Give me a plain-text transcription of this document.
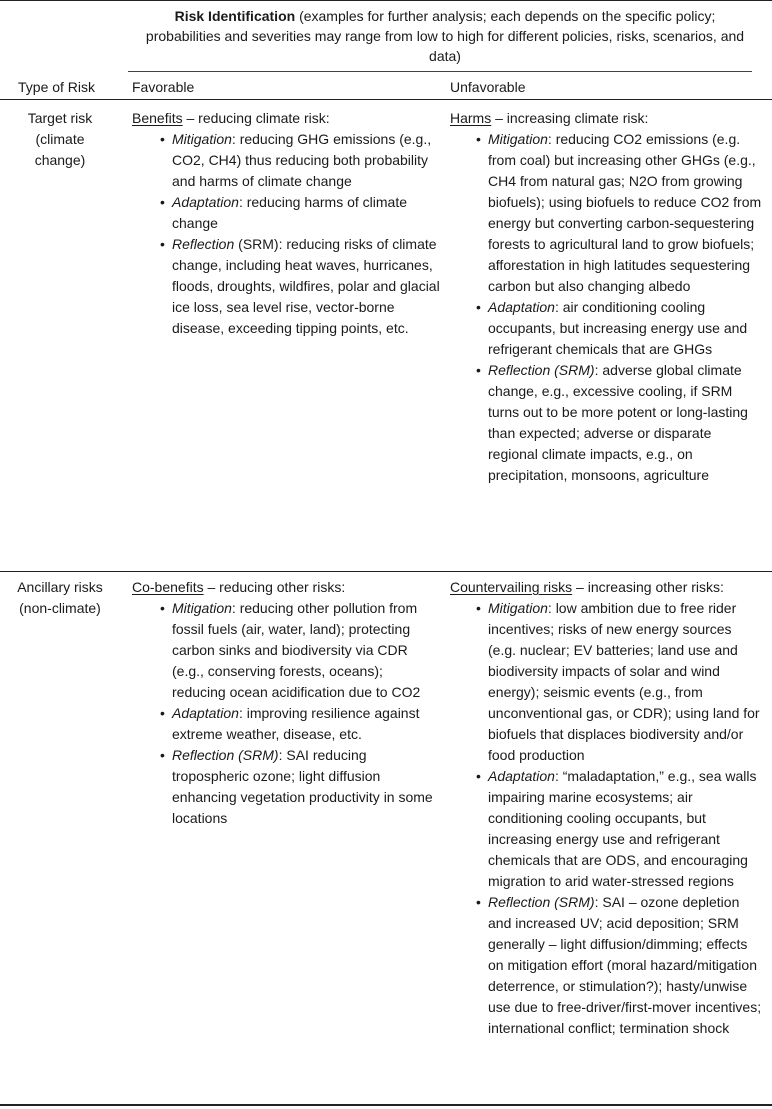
Risk Identification (examples for further analysis; each depends on the specific policy; probabilities and severities may range from low to high for different policies, risks, scenarios, and data)
Type of Risk	Favorable	Unfavorable
Target risk (climate change)

Benefits – reducing climate risk:

• Mitigation: reducing GHG emissions (e.g., CO2, CH4) thus reducing both probability and harms of climate change
• Adaptation: reducing harms of climate change
• Reflection (SRM): reducing risks of climate change, including heat waves, hurricanes, floods, droughts, wildfires, polar and glacial ice loss, sea level rise, vector-borne disease, exceeding tipping points, etc.

Harms – increasing climate risk:

• Mitigation: reducing CO2 emissions (e.g. from coal) but increasing other GHGs (e.g., CH4 from natural gas; N2O from growing biofuels); using biofuels to reduce CO2 from energy but converting carbon-sequestering forests to agricultural land to grow biofuels; afforestation in high latitudes sequestering carbon but also changing albedo
• Adaptation: air conditioning cooling occupants, but increasing energy use and refrigerant chemicals that are GHGs
• Reflection (SRM): adverse global climate change, e.g., excessive cooling, if SRM turns out to be more potent or long-lasting than expected; adverse or disparate regional climate impacts, e.g., on precipitation, monsoons, agriculture
Ancillary risks (non-climate)

Co-benefits – reducing other risks:

• Mitigation: reducing other pollution from fossil fuels (air, water, land); protecting carbon sinks and biodiversity via CDR (e.g., conserving forests, oceans); reducing ocean acidification due to CO2
• Adaptation: improving resilience against extreme weather, disease, etc.
• Reflection (SRM): SAI reducing tropospheric ozone; light diffusion enhancing vegetation productivity in some locations

Countervailing risks – increasing other risks:

• Mitigation: low ambition due to free rider incentives; risks of new energy sources (e.g. nuclear; EV batteries; land use and biodiversity impacts of solar and wind energy); seismic events (e.g., from unconventional gas, or CDR); using land for biofuels that displaces biodiversity and/or food production
• Adaptation: “maladaptation,” e.g., sea walls impairing marine ecosystems; air conditioning cooling occupants, but increasing energy use and refrigerant chemicals that are ODS, and encouraging migration to arid water-stressed regions
• Reflection (SRM): SAI – ozone depletion and increased UV; acid deposition; SRM generally – light diffusion/dimming; effects on mitigation effort (moral hazard/mitigation deterrence, or stimulation?); hasty/unwise use due to free-driver/first-mover incentives; international conflict; termination shock
